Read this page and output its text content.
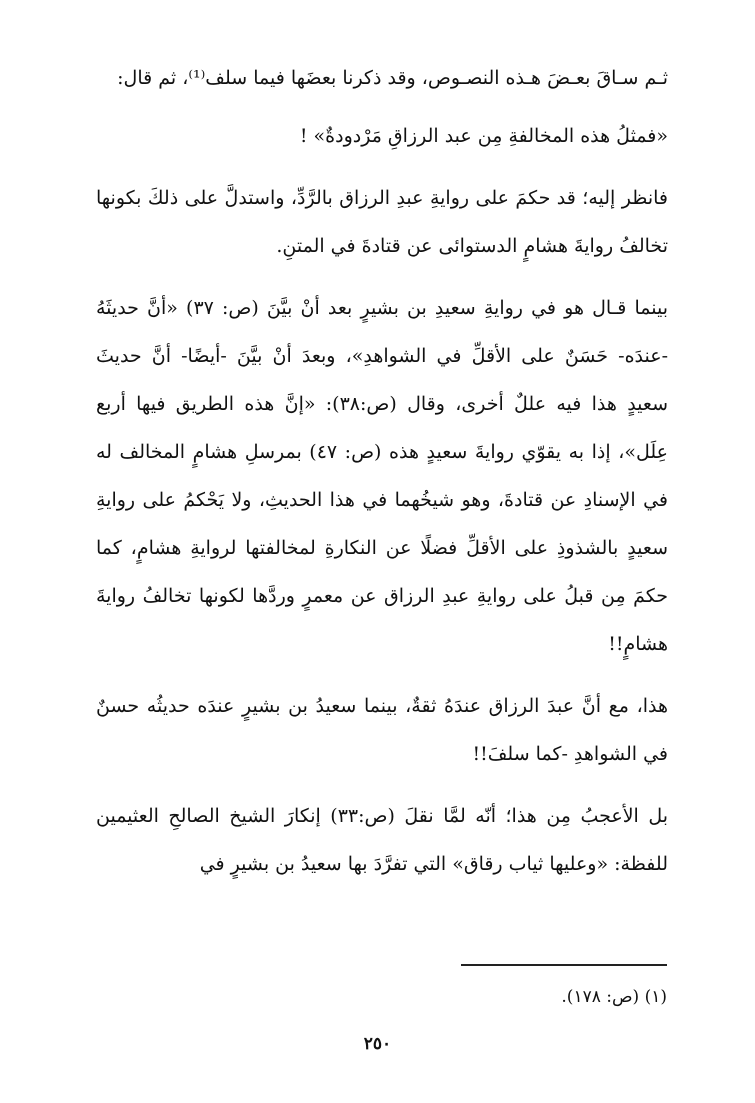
ثـم سـاقَ بعـضَ هـذه النصـوص، وقد ذكرنا بعضَها فيما سلف⁽¹⁾، ثم قال:

«فمثلُ هذه المخالفةِ مِن عبد الرزاقِ مَرْدودةٌ» !

فانظر إليه؛ قد حكمَ على روايةِ عبدِ الرزاق بالرَّدِّ، واستدلَّ على ذلكَ بكونها تخالفُ روايةَ هشامٍ الدستوائى عن قتادةَ في المتنِ.

بينما قـال هو في روايةِ سعيدِ بن بشيرٍ بعد أنْ بيَّنَ (ص: ٣٧) «أنَّ حديثَهُ -عندَه- حَسَنٌ على الأقلِّ في الشواهدِ»، وبعدَ أنْ بيَّنَ -أيضًا- أنَّ حديثَ سعيدٍ هذا فيه عللٌ أخرى، وقال (ص:٣٨): «إنَّ هذه الطريق فيها أربع عِلَل»، إذا به يقوّي روايةَ سعيدٍ هذه (ص: ٤٧) بمرسلِ هشامٍ المخالف له في الإسنادِ عن قتادةَ، وهو شيخُهما في هذا الحديثِ، ولا يَحْكمُ على روايةِ سعيدٍ بالشذوذِ على الأقلِّ فضلًا عن النكارةِ لمخالفتها لروايةِ هشامٍ، كما حكمَ مِن قبلُ على روايةِ عبدِ الرزاق عن معمرٍ وردَّها لكونها تخالفُ روايةَ هشامٍ!!

هذا، مع أنَّ عبدَ الرزاق عندَهُ ثقةٌ، بينما سعيدُ بن بشيرٍ عندَه حديثُه حسنٌ في الشواهدِ -كما سلفَ!!

بل الأعجبُ مِن هذا؛ أنّه لمَّا نقلَ (ص:٣٣) إنكارَ الشيخ الصالحِ العثيمين للفظة: «وعليها ثياب رقاق» التي تفرَّدَ بها سعيدُ بن بشيرٍ في

(١) (ص: ١٧٨).
٢٥٠
